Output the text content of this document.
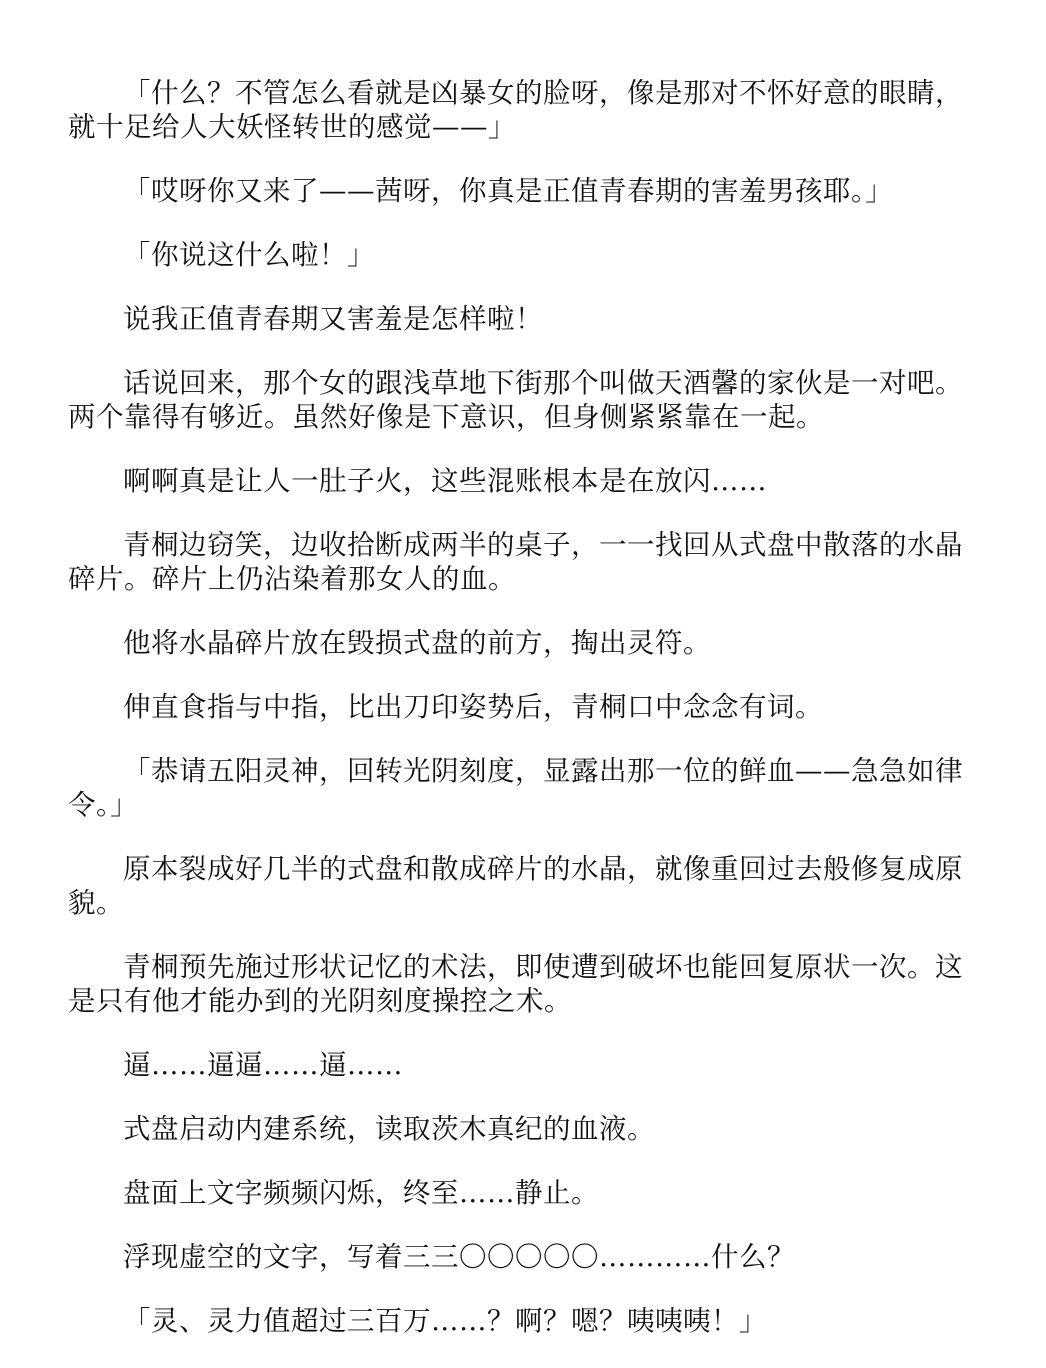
「什么？不管怎么看就是凶暴女的脸呀，像是那对不怀好意的眼睛，就十足给人大妖怪转世的感觉——」

「哎呀你又来了——茜呀，你真是正值青春期的害羞男孩耶。」

「你说这什么啦！」

说我正值青春期又害羞是怎样啦！

话说回来，那个女的跟浅草地下街那个叫做天酒馨的家伙是一对吧。两个靠得有够近。虽然好像是下意识，但身侧紧紧靠在一起。

啊啊真是让人一肚子火，这些混账根本是在放闪……

青桐边窃笑，边收拾断成两半的桌子，一一找回从式盘中散落的水晶碎片。碎片上仍沾染着那女人的血。

他将水晶碎片放在毁损式盘的前方，掏出灵符。

伸直食指与中指，比出刀印姿势后，青桐口中念念有词。

「恭请五阳灵神，回转光阴刻度，显露出那一位的鲜血——急急如律令。」

原本裂成好几半的式盘和散成碎片的水晶，就像重回过去般修复成原貌。

青桐预先施过形状记忆的术法，即使遭到破坏也能回复原状一次。这是只有他才能办到的光阴刻度操控之术。

逼……逼逼……逼……

式盘启动内建系统，读取茨木真纪的血液。

盘面上文字频频闪烁，终至……静止。

浮现虚空的文字，写着三三〇〇〇〇〇…………什么？

「灵、灵力值超过三百万……？啊？嗯？咦咦咦！」
